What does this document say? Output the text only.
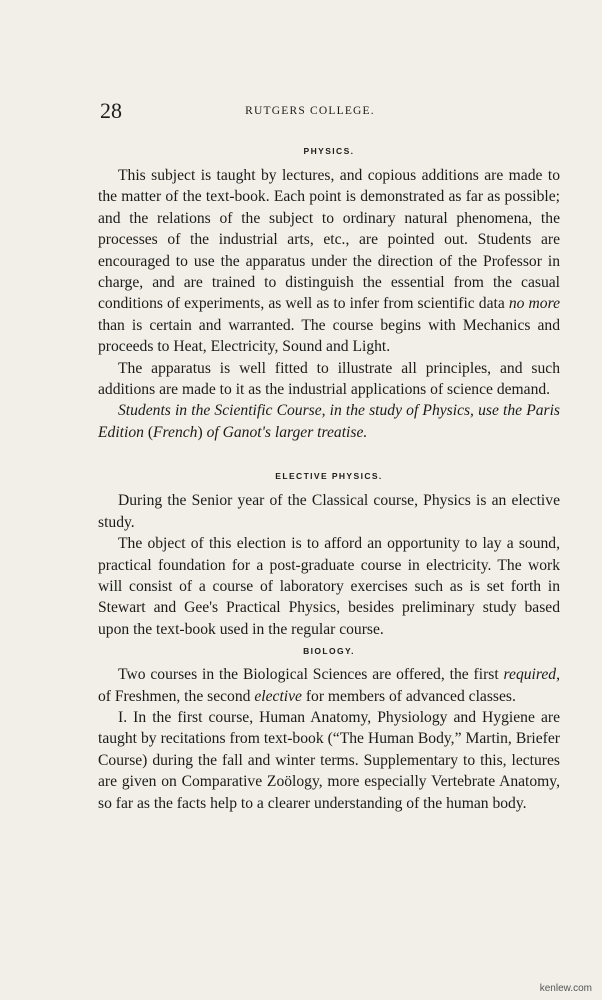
28	RUTGERS COLLEGE.
PHYSICS.

This subject is taught by lectures, and copious additions are made to the matter of the text-book. Each point is demonstrated as far as possible; and the relations of the subject to ordinary natural phenomena, the processes of the industrial arts, etc., are pointed out. Students are encouraged to use the apparatus under the direction of the Professor in charge, and are trained to distinguish the essential from the casual conditions of experiments, as well as to infer from scientific data no more than is certain and warranted. The course begins with Mechanics and proceeds to Heat, Electricity, Sound and Light.

The apparatus is well fitted to illustrate all principles, and such additions are made to it as the industrial applications of science demand.

Students in the Scientific Course, in the study of Physics, use the Paris Edition (French) of Ganot's larger treatise.

ELECTIVE PHYSICS.

During the Senior year of the Classical course, Physics is an elective study.

The object of this election is to afford an opportunity to lay a sound, practical foundation for a post-graduate course in electricity. The work will consist of a course of laboratory exercises such as is set forth in Stewart and Gee's Practical Physics, besides preliminary study based upon the text-book used in the regular course.

BIOLOGY.

Two courses in the Biological Sciences are offered, the first required, of Freshmen, the second elective for members of advanced classes.

I. In the first course, Human Anatomy, Physiology and Hygiene are taught by recitations from text-book (“The Human Body,” Martin, Briefer Course) during the fall and winter terms. Supplementary to this, lectures are given on Comparative Zoölogy, more especially Vertebrate Anatomy, so far as the facts help to a clearer understanding of the human body.

kenlew.com
